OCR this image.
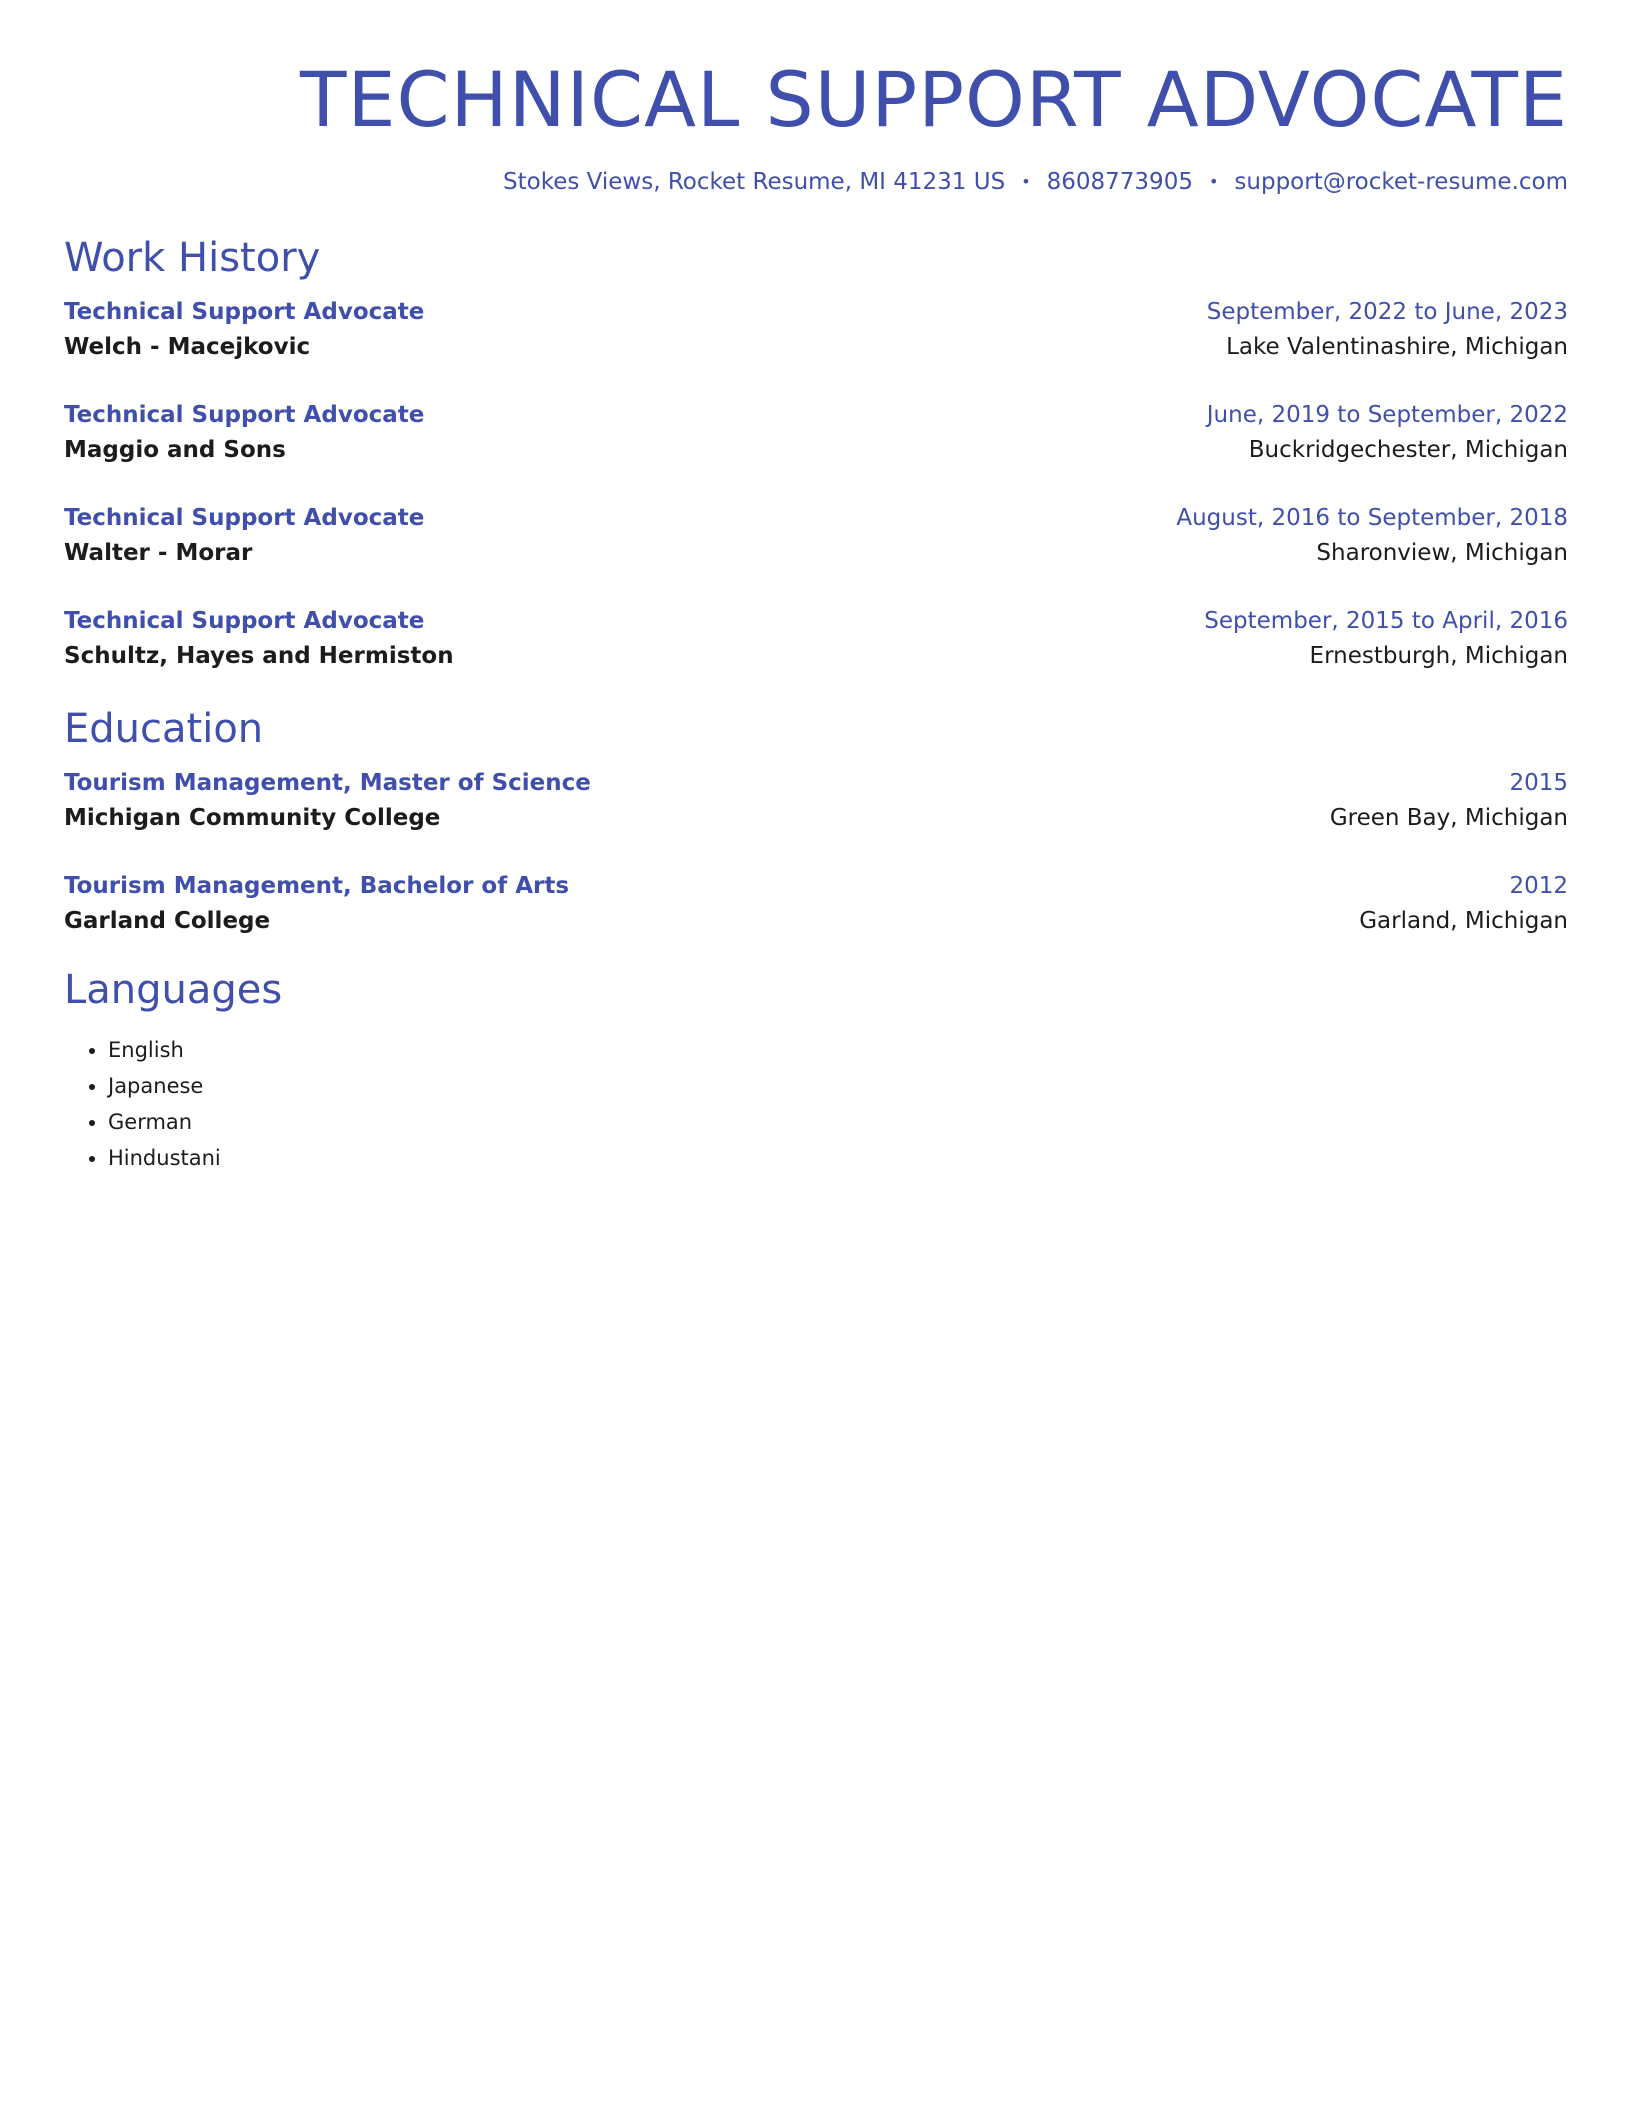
TECHNICAL SUPPORT ADVOCATE
Stokes Views, Rocket Resume, MI 41231 US • 8608773905 • support@rocket-resume.com
Work History
Technical Support Advocate	September, 2022 to June, 2023
Welch - Macejkovic	Lake Valentinashire, Michigan
Technical Support Advocate	June, 2019 to September, 2022
Maggio and Sons	Buckridgechester, Michigan
Technical Support Advocate	August, 2016 to September, 2018
Walter - Morar	Sharonview, Michigan
Technical Support Advocate	September, 2015 to April, 2016
Schultz, Hayes and Hermiston	Ernestburgh, Michigan
Education
Tourism Management, Master of Science	2015
Michigan Community College	Green Bay, Michigan
Tourism Management, Bachelor of Arts	2012
Garland College	Garland, Michigan
Languages
• English
• Japanese
• German
• Hindustani
